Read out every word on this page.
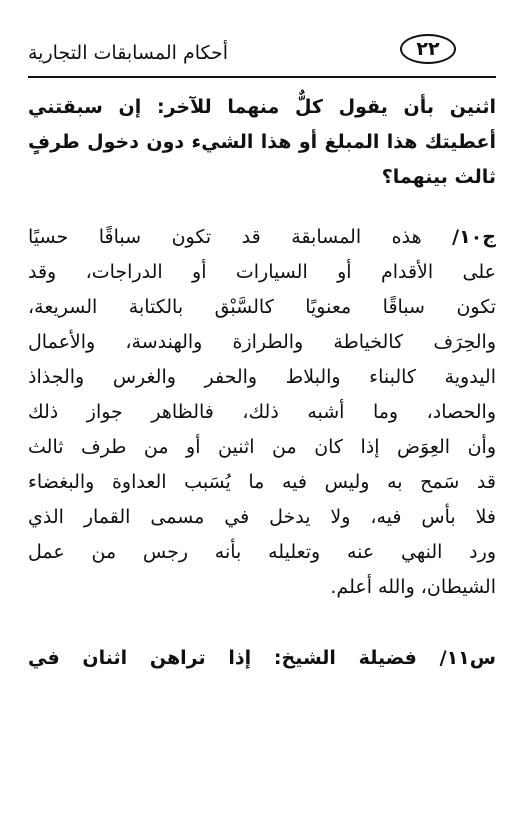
أحكام المسابقات التجارية	٢٢
اثنين بأن يقول كلٌّ منهما للآخر: إن سبقتني
أعطيتك هذا المبلغ أو هذا الشيء دون دخول طرفٍ
ثالث بينهما؟
ج١٠/ هذه المسابقة قد تكون سباقًا حسيًا
على الأقدام أو السيارات أو الدراجات، وقد
تكون سباقًا معنويًا كالسَّبْق بالكتابة السريعة،
والحِرَف كالخياطة والطرازة والهندسة، والأعمال
اليدوية كالبناء والبلاط والحفر والغرس والجذاذ
والحصاد، وما أشبه ذلك، فالظاهر جواز ذلك
وأن العِوَض إذا كان من اثنين أو من طرف ثالث
قد سَمح به وليس فيه ما يُسَبب العداوة والبغضاء
فلا بأس فيه، ولا يدخل في مسمى القمار الذي
ورد النهي عنه وتعليله بأنه رجس من عمل
الشيطان، والله أعلم.
س١١/ فضيلة الشيخ: إذا تراهن اثنان في
